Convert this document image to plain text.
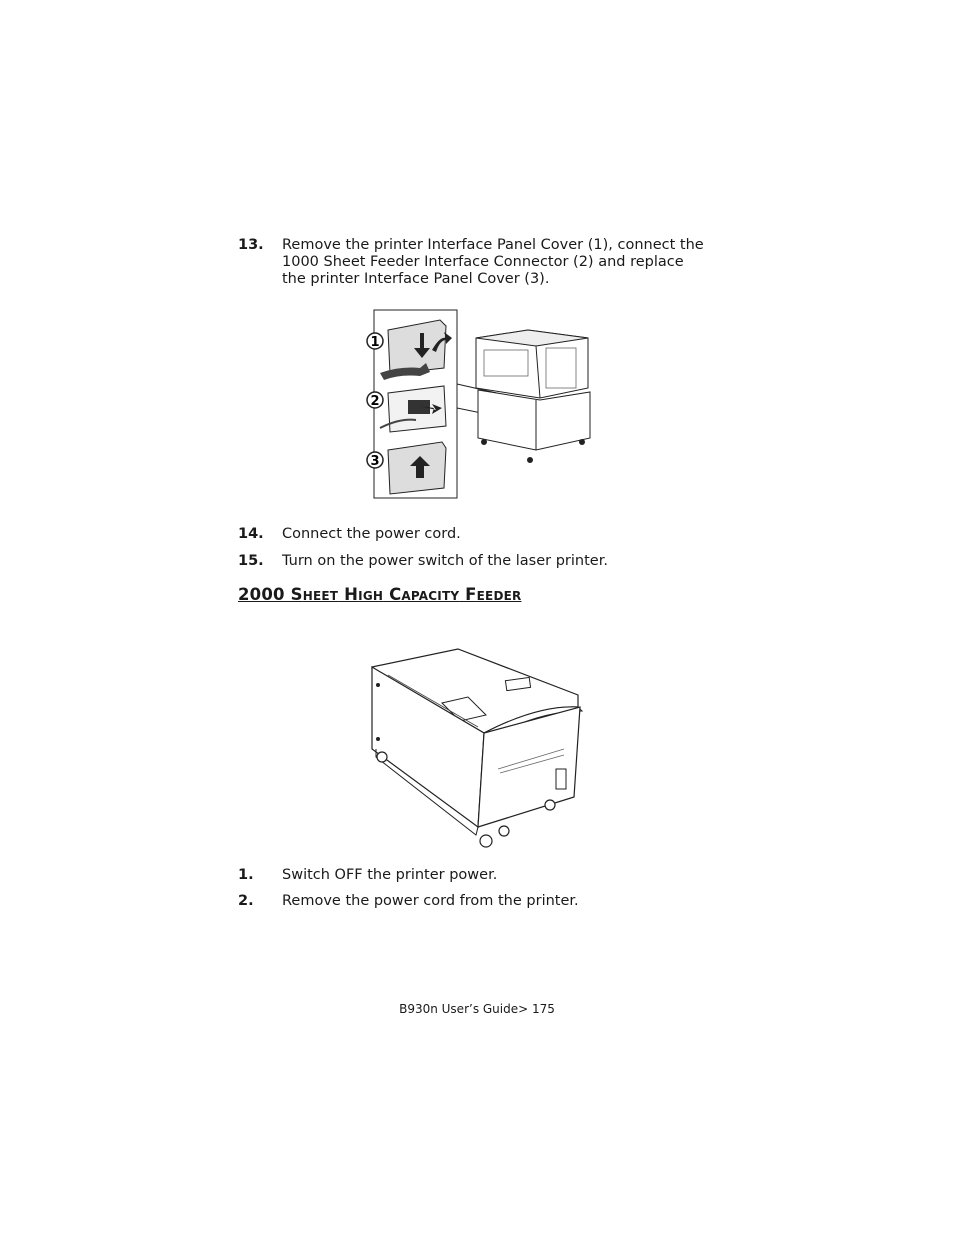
13. Remove the printer Interface Panel Cover (1), connect the 1000 Sheet Feeder Interface Connector (2) and replace the printer Interface Panel Cover (3).
1
2
3
14. Connect the power cord.
15. Turn on the power switch of the laser printer.
2000 Sheet High Capacity Feeder
1. Switch OFF the printer power.
2. Remove the power cord from the printer.
B930n User’s Guide> 175
